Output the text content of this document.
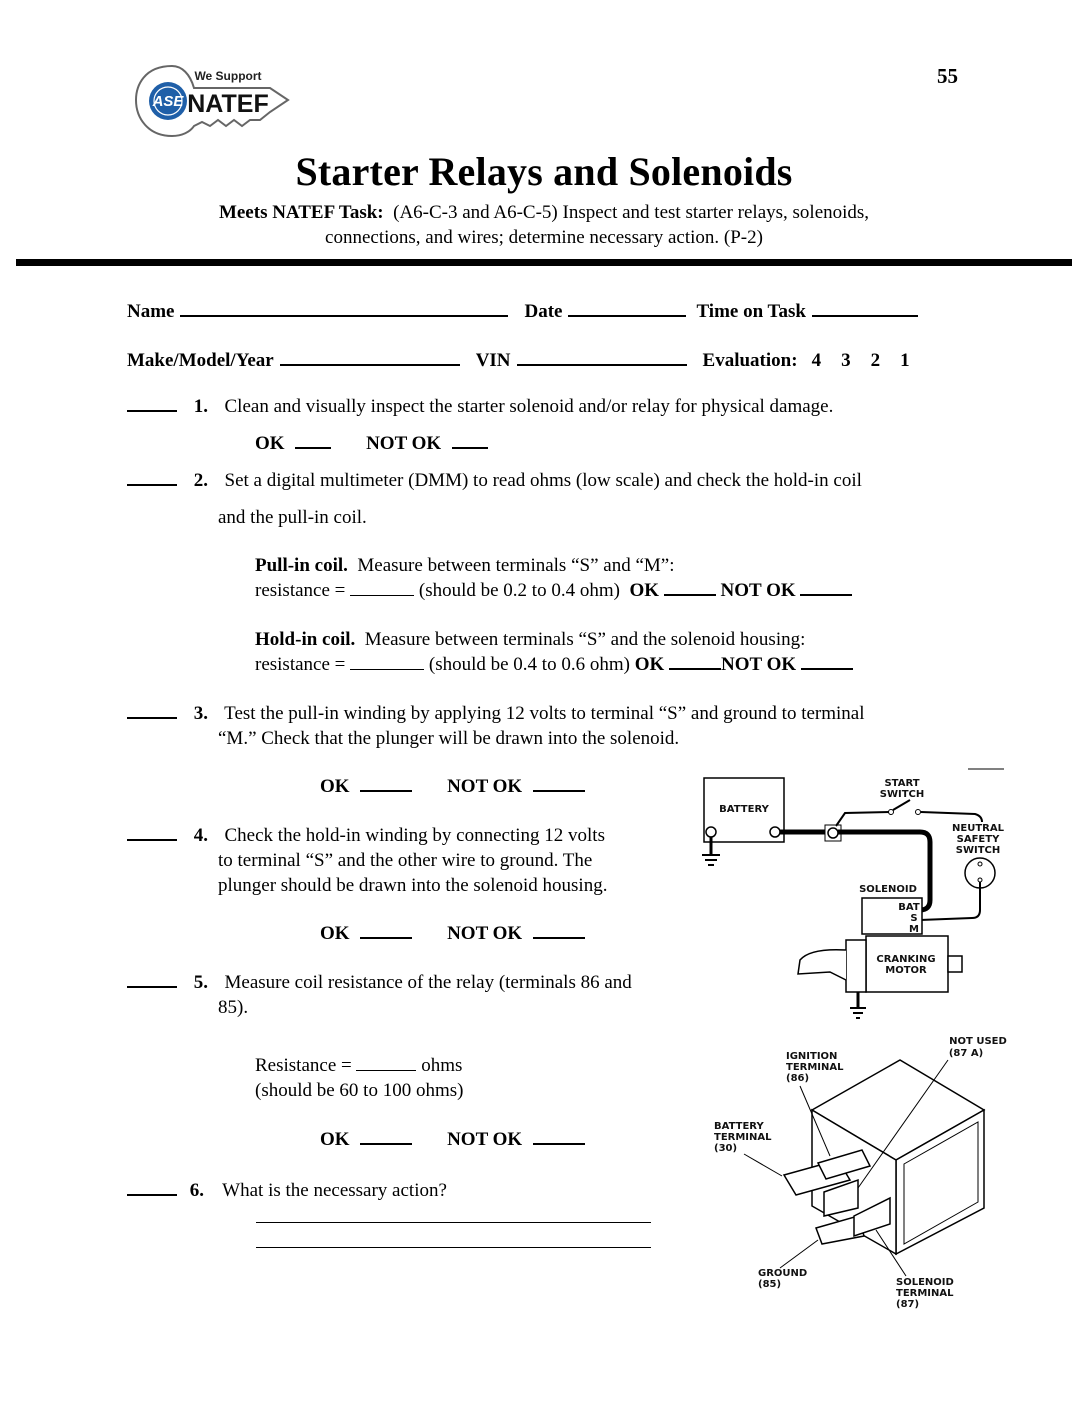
55
ASE
We Support
NATEF
Starter Relays and Solenoids
Meets NATEF Task: (A6-C-3 and A6-C-5) Inspect and test starter relays, solenoids,
connections, and wires; determine necessary action. (P-2)
Name	Date	Time on Task
Make/Model/Year	VIN	Evaluation: 4 3 2 1
1. Clean and visually inspect the starter solenoid and/or relay for physical damage.
OK	NOT OK
2. Set a digital multimeter (DMM) to read ohms (low scale) and check the hold-in coil
and the pull-in coil.
Pull-in coil. Measure between terminals “S” and “M”:
resistance =	(should be 0.2 to 0.4 ohm) OK	NOT OK
Hold-in coil. Measure between terminals “S” and the solenoid housing:
resistance =	(should be 0.4 to 0.6 ohm) OK	NOT OK
3. Test the pull-in winding by applying 12 volts to terminal “S” and ground to terminal
“M.” Check that the plunger will be drawn into the solenoid.
OK	NOT OK
4. Check the hold-in winding by connecting 12 volts
to terminal “S” and the other wire to ground. The
plunger should be drawn into the solenoid housing.
OK	NOT OK
5. Measure coil resistance of the relay (terminals 86 and
85).
Resistance =	ohms
(should be 60 to 100 ohms)
OK	NOT OK
6. What is the necessary action?
BATTERY
START
SWITCH
NEUTRAL
SAFETY
SWITCH
SOLENOID
BAT
S
M
CRANKING
MOTOR
NOT USED
(87 A)
IGNITION
TERMINAL
(86)
BATTERY
TERMINAL
(30)
GROUND
(85)	SOLENOID
TERMINAL
(87)
